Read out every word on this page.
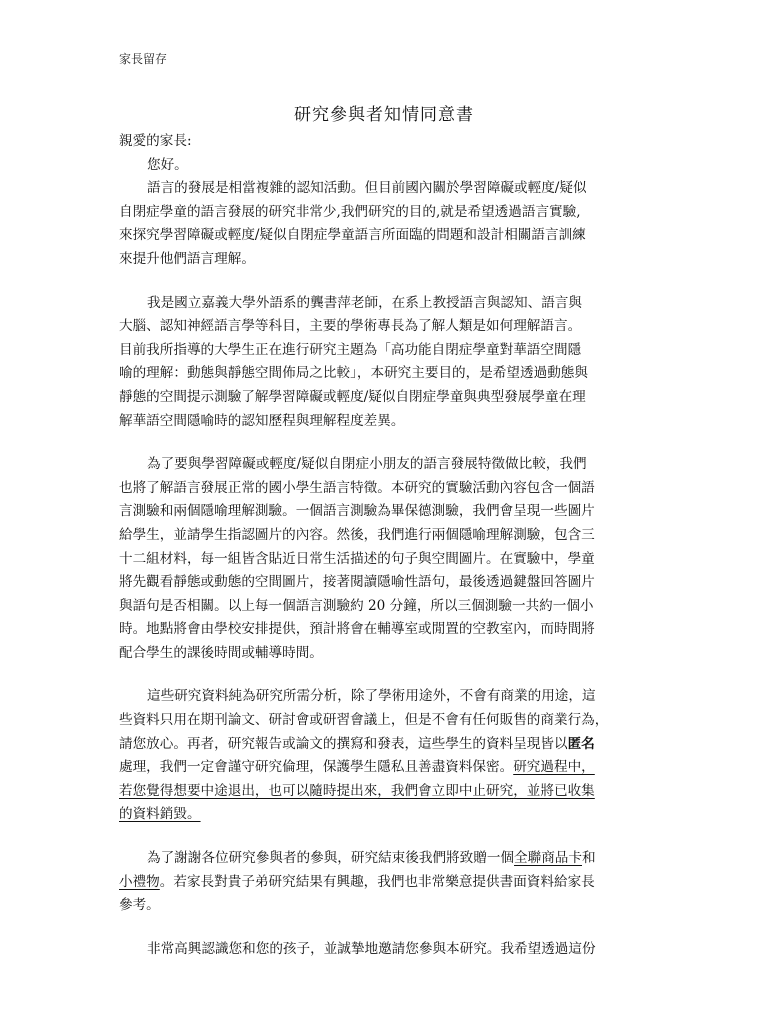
家長留存
研究參與者知情同意書
親愛的家長:
您好。
語言的發展是相當複雜的認知活動。但目前國內關於學習障礙或輕度/疑似
自閉症學童的語言發展的研究非常少,我們研究的目的,就是希望透過語言實驗,
來探究學習障礙或輕度/疑似自閉症學童語言所面臨的問題和設計相關語言訓練
來提升他們語言理解。
我是國立嘉義大學外語系的龔書萍老師，在系上教授語言與認知、語言與
大腦、認知神經語言學等科目，主要的學術專長為了解人類是如何理解語言。
目前我所指導的大學生正在進行研究主題為「高功能自閉症學童對華語空間隱
喻的理解：動態與靜態空間佈局之比較」，本研究主要目的，是希望透過動態與
靜態的空間提示測驗了解學習障礙或輕度/疑似自閉症學童與典型發展學童在理
解華語空間隱喻時的認知歷程與理解程度差異。
為了要與學習障礙或輕度/疑似自閉症小朋友的語言發展特徵做比較，我們
也將了解語言發展正常的國小學生語言特徵。本研究的實驗活動內容包含一個語
言測驗和兩個隱喻理解測驗。一個語言測驗為畢保德測驗，我們會呈現一些圖片
給學生，並請學生指認圖片的內容。然後，我們進行兩個隱喻理解測驗，包含三
十二組材料，每一組皆含貼近日常生活描述的句子與空間圖片。在實驗中，學童
將先觀看靜態或動態的空間圖片，接著閱讀隱喻性語句，最後透過鍵盤回答圖片
與語句是否相關。以上每一個語言測驗約 20 分鐘，所以三個測驗一共約一個小
時。地點將會由學校安排提供，預計將會在輔導室或閒置的空教室內，而時間將
配合學生的課後時間或輔導時間。
這些研究資料純為研究所需分析，除了學術用途外，不會有商業的用途，這
些資料只用在期刊論文、研討會或研習會議上，但是不會有任何販售的商業行為，
請您放心。再者，研究報告或論文的撰寫和發表，這些學生的資料呈現皆以匿名
處理，我們一定會謹守研究倫理，保護學生隱私且善盡資料保密。研究過程中，
若您覺得想要中途退出，也可以隨時提出來，我們會立即中止研究，並將已收集
的資料銷毀。
為了謝謝各位研究參與者的參與，研究結束後我們將致贈一個全聯商品卡和
小禮物。若家長對貴子弟研究結果有興趣，我們也非常樂意提供書面資料給家長
參考。
非常高興認識您和您的孩子，並誠摯地邀請您參與本研究。我希望透過這份
